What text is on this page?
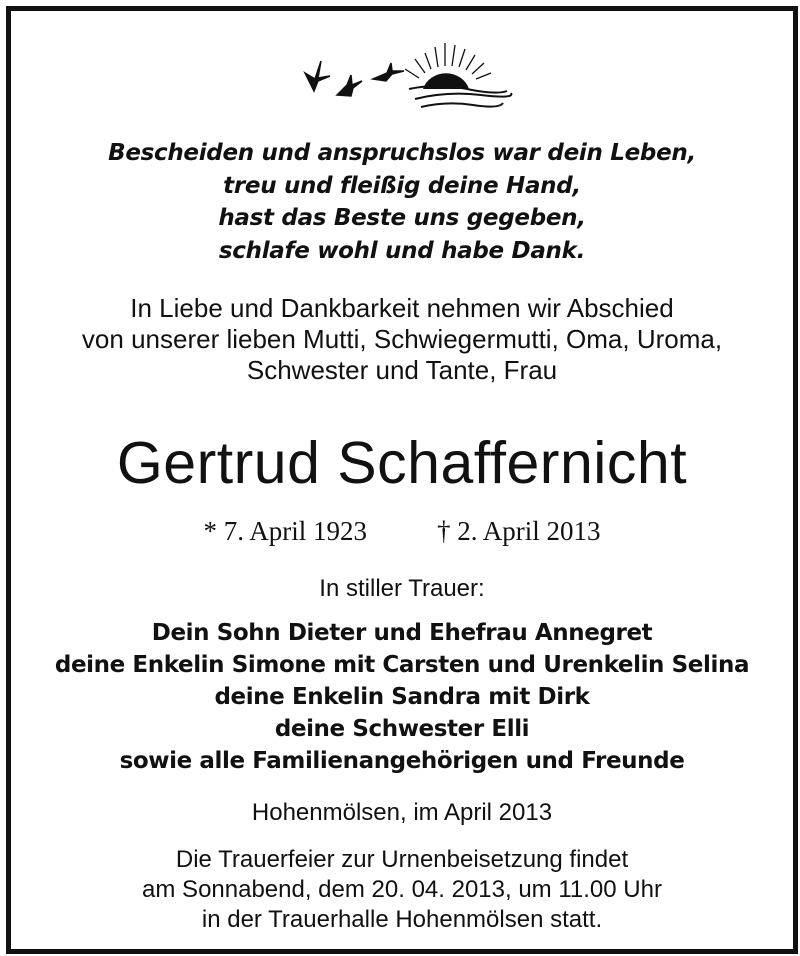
Bescheiden und anspruchslos war dein Leben,
treu und fleißig deine Hand,
hast das Beste uns gegeben,
schlafe wohl und habe Dank.
In Liebe und Dankbarkeit nehmen wir Abschied
von unserer lieben Mutti, Schwiegermutti, Oma, Uroma,
Schwester und Tante, Frau
Gertrud Schaffernicht
* 7. April 1923	† 2. April 2013
In stiller Trauer:
Dein Sohn Dieter und Ehefrau Annegret
deine Enkelin Simone mit Carsten und Urenkelin Selina
deine Enkelin Sandra mit Dirk
deine Schwester Elli
sowie alle Familienangehörigen und Freunde
Hohenmölsen, im April 2013
Die Trauerfeier zur Urnenbeisetzung findet
am Sonnabend, dem 20. 04. 2013, um 11.00 Uhr
in der Trauerhalle Hohenmölsen statt.
